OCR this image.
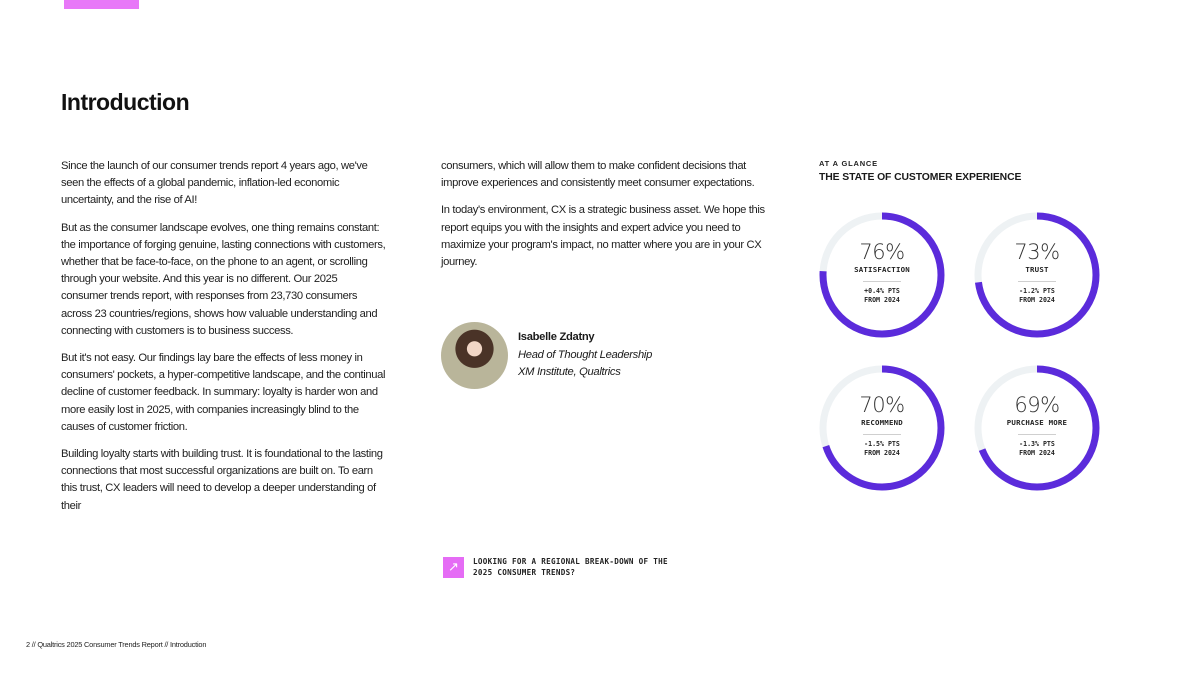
Introduction

Since the launch of our consumer trends report 4 years ago, we've seen the effects of a global pandemic, inflation-led economic uncertainty, and the rise of AI!

But as the consumer landscape evolves, one thing remains constant: the importance of forging genuine, lasting connections with customers, whether that be face-to-face, on the phone to an agent, or scrolling through your website. And this year is no different. Our 2025 consumer trends report, with responses from 23,730 consumers across 23 countries/regions, shows how valuable understanding and connecting with customers is to business success.

But it's not easy. Our findings lay bare the effects of less money in consumers' pockets, a hyper-competitive landscape, and the continual decline of customer feedback. In summary: loyalty is harder won and more easily lost in 2025, with companies increasingly blind to the causes of customer friction.

Building loyalty starts with building trust. It is foundational to the lasting connections that most successful organizations are built on. To earn this trust, CX leaders will need to develop a deeper understanding of their

consumers, which will allow them to make confident decisions that improve experiences and consistently meet consumer expectations.

In today's environment, CX is a strategic business asset. We hope this report equips you with the insights and expert advice you need to maximize your program's impact, no matter where you are in your CX journey.

Isabelle Zdatny
Head of Thought Leadership
XM Institute, Qualtrics
↗	LOOKING FOR A REGIONAL BREAK-DOWN OF THE 2025 CONSUMER TRENDS?
AT A GLANCE
THE STATE OF CUSTOMER EXPERIENCE
76%
SATISFACTION
+0.4% PTS
FROM 2024
73%
TRUST
-1.2% PTS
FROM 2024
70%
RECOMMEND
-1.5% PTS
FROM 2024
69%
PURCHASE MORE
-1.3% PTS
FROM 2024
2 // Qualtrics 2025 Consumer Trends Report // Introduction
